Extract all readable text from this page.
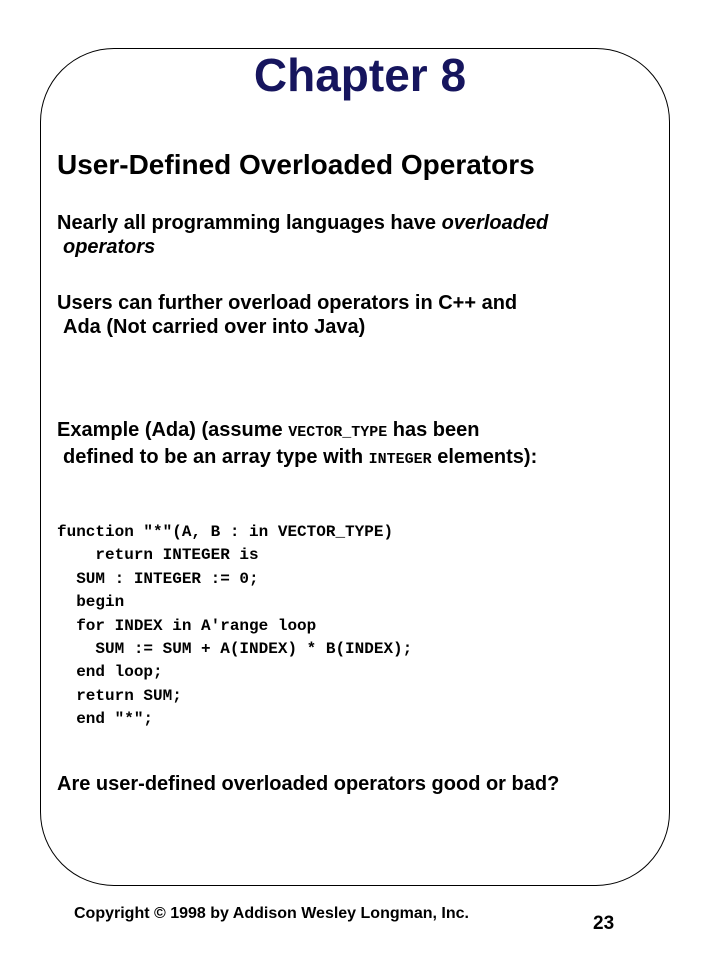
Chapter 8
User-Defined Overloaded Operators
Nearly all programming languages have overloaded
operators
Users can further overload operators in C++ and
Ada (Not carried over into Java)
Example (Ada) (assume VECTOR_TYPE has been
defined to be an array type with INTEGER elements):
function "*"(A, B : in VECTOR_TYPE)
return INTEGER is
SUM : INTEGER := 0;
begin
for INDEX in A'range loop
SUM := SUM + A(INDEX) * B(INDEX);
end loop;
return SUM;
end "*";
Are user-defined overloaded operators good or bad?
Copyright © 1998 by Addison Wesley Longman, Inc.	23
